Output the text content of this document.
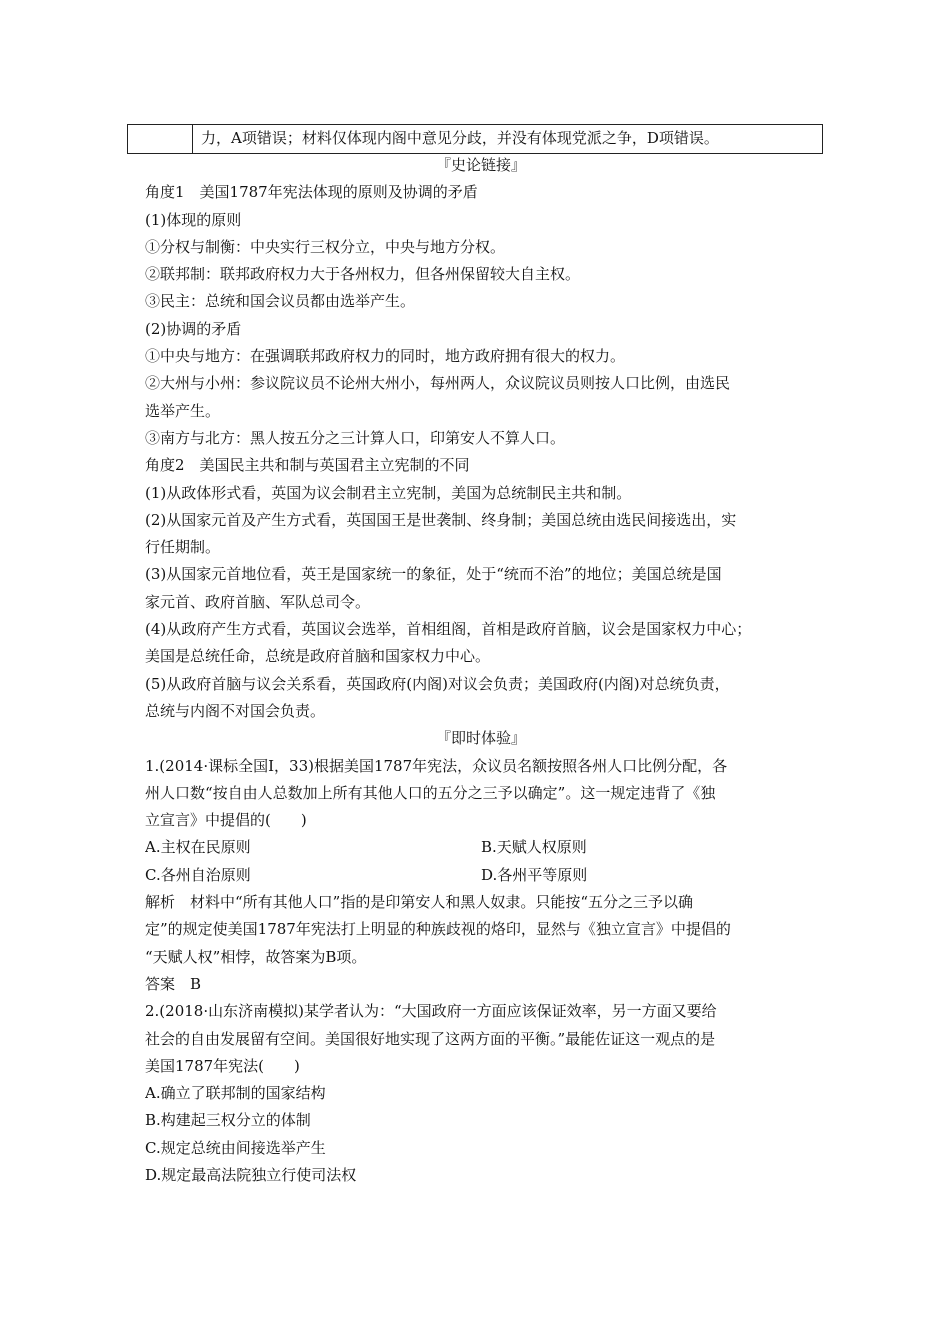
力，A项错误；材料仅体现内阁中意见分歧，并没有体现党派之争，D项错误。
『史论链接』
角度1　美国1787年宪法体现的原则及协调的矛盾
(1)体现的原则
①分权与制衡：中央实行三权分立，中央与地方分权。
②联邦制：联邦政府权力大于各州权力，但各州保留较大自主权。
③民主：总统和国会议员都由选举产生。
(2)协调的矛盾
①中央与地方：在强调联邦政府权力的同时，地方政府拥有很大的权力。
②大州与小州：参议院议员不论州大州小，每州两人，众议院议员则按人口比例，由选民
选举产生。
③南方与北方：黑人按五分之三计算人口，印第安人不算人口。
角度2　美国民主共和制与英国君主立宪制的不同
(1)从政体形式看，英国为议会制君主立宪制，美国为总统制民主共和制。
(2)从国家元首及产生方式看，英国国王是世袭制、终身制；美国总统由选民间接选出，实
行任期制。
(3)从国家元首地位看，英王是国家统一的象征，处于“统而不治”的地位；美国总统是国
家元首、政府首脑、军队总司令。
(4)从政府产生方式看，英国议会选举，首相组阁，首相是政府首脑，议会是国家权力中心；
美国是总统任命，总统是政府首脑和国家权力中心。
(5)从政府首脑与议会关系看，英国政府(内阁)对议会负责；美国政府(内阁)对总统负责，
总统与内阁不对国会负责。
『即时体验』
1.(2014·课标全国Ⅰ，33)根据美国1787年宪法，众议员名额按照各州人口比例分配，各
州人口数“按自由人总数加上所有其他人口的五分之三予以确定”。这一规定违背了《独
立宣言》中提倡的(　　)
A.主权在民原则	B.天赋人权原则
C.各州自治原则	D.各州平等原则
解析　材料中“所有其他人口”指的是印第安人和黑人奴隶。只能按“五分之三予以确
定”的规定使美国1787年宪法打上明显的种族歧视的烙印，显然与《独立宣言》中提倡的
“天赋人权”相悖，故答案为B项。
答案　B
2.(2018·山东济南模拟)某学者认为：“大国政府一方面应该保证效率，另一方面又要给
社会的自由发展留有空间。美国很好地实现了这两方面的平衡。”最能佐证这一观点的是
美国1787年宪法(　　)
A.确立了联邦制的国家结构
B.构建起三权分立的体制
C.规定总统由间接选举产生
D.规定最高法院独立行使司法权
